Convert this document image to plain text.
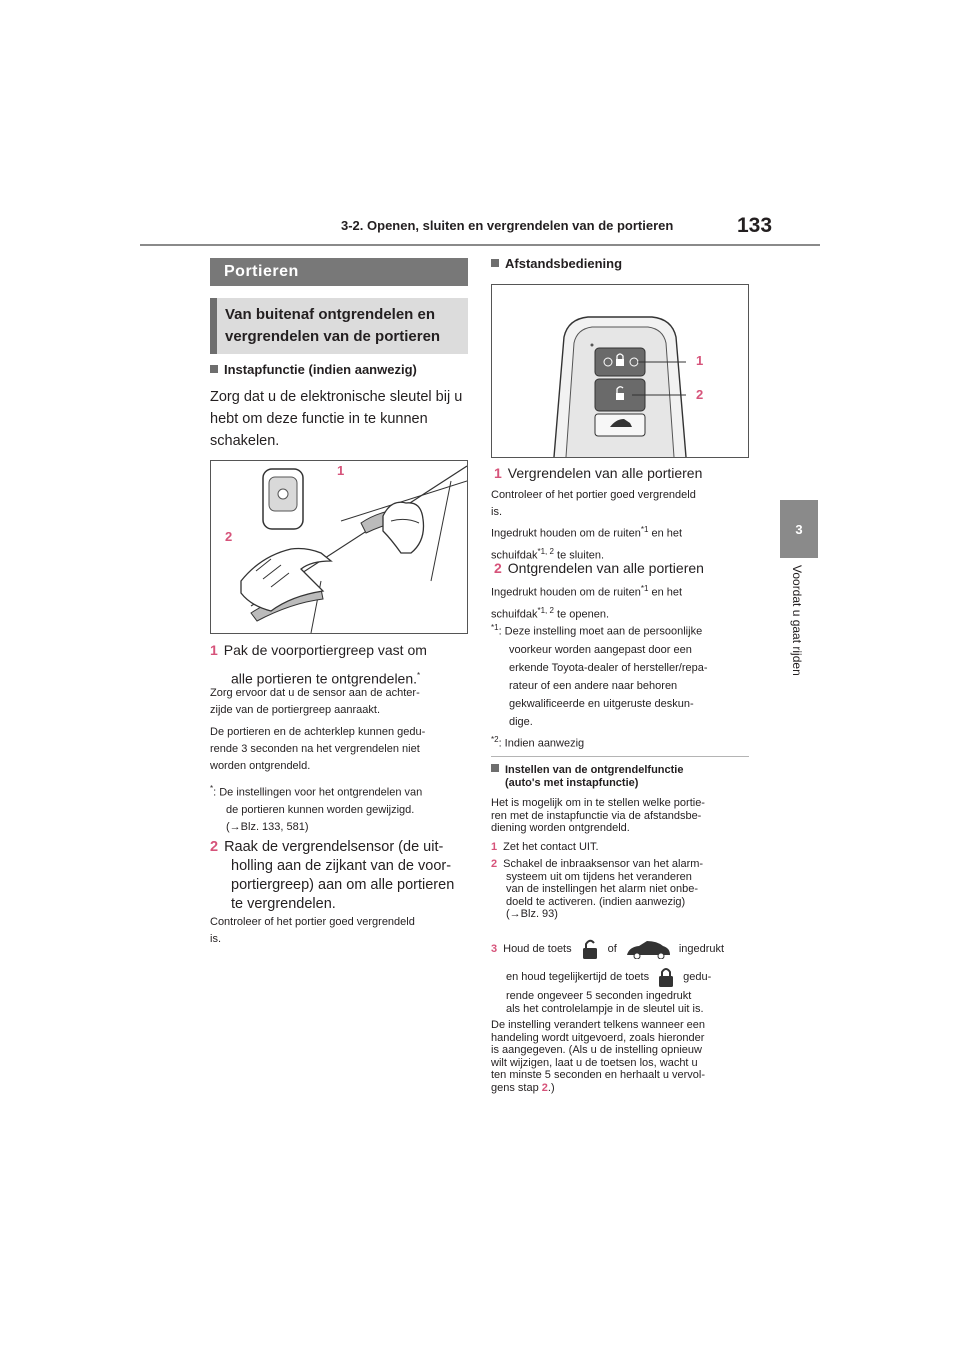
3-2. Openen, sluiten en vergrendelen van de portieren	133
3
Voordat u gaat rijden
Portieren
Van buitenaf ontgrendelen en
vergrendelen van de portieren
Instapfunctie (indien aanwezig)
Zorg dat u de elektronische sleutel bij u
hebt om deze functie in te kunnen
schakelen.
1
2
1 Pak de voorportiergreep vast om
alle portieren te ontgrendelen.*
Zorg ervoor dat u de sensor aan de achter-
zijde van de portiergreep aanraakt.
De portieren en de achterklep kunnen gedu-
rende 3 seconden na het vergrendelen niet
worden ontgrendeld.
*: De instellingen voor het ontgrendelen van
de portieren kunnen worden gewijzigd.
(→Blz. 133, 581)
2 Raak de vergrendelsensor (de uit-
holling aan de zijkant van de voor-
portiergreep) aan om alle portieren
te vergrendelen.
Controleer of het portier goed vergrendeld
is.
Afstandsbediening
1
2
1 Vergrendelen van alle portieren
Controleer of het portier goed vergrendeld
is.
Ingedrukt houden om de ruiten$^{*1}$ en het
schuifdak$^{*1, 2}$ te sluiten.
2 Ontgrendelen van alle portieren
Ingedrukt houden om de ruiten$^{*1}$ en het
schuifdak$^{*1, 2}$ te openen.
$^{*1}$: Deze instelling moet aan de persoonlijke
voorkeur worden aangepast door een
erkende Toyota-dealer of hersteller/repa-
rateur of een andere naar behoren
gekwalificeerde en uitgeruste deskun-
dige.
$^{*2}$: Indien aanwezig
Instellen van de ontgrendelfunctie
(auto's met instapfunctie)
Het is mogelijk om in te stellen welke portie-
ren met de instapfunctie via de afstandsbe-
diening worden ontgrendeld.
1 Zet het contact UIT.
2 Schakel de inbraaksensor van het alarm-
systeem uit om tijdens het veranderen
van de instellingen het alarm niet onbe-
doeld te activeren. (indien aanwezig)
(→Blz. 93)
3 Houd de toets	of	ingedrukt
en houd tegelijkertijd de toets	gedu-
rende ongeveer 5 seconden ingedrukt
als het controlelampje in de sleutel uit is.
De instelling verandert telkens wanneer een
handeling wordt uitgevoerd, zoals hieronder
is aangegeven. (Als u de instelling opnieuw
wilt wijzigen, laat u de toetsen los, wacht u
ten minste 5 seconden en herhaalt u vervol-
gens stap 2.)
